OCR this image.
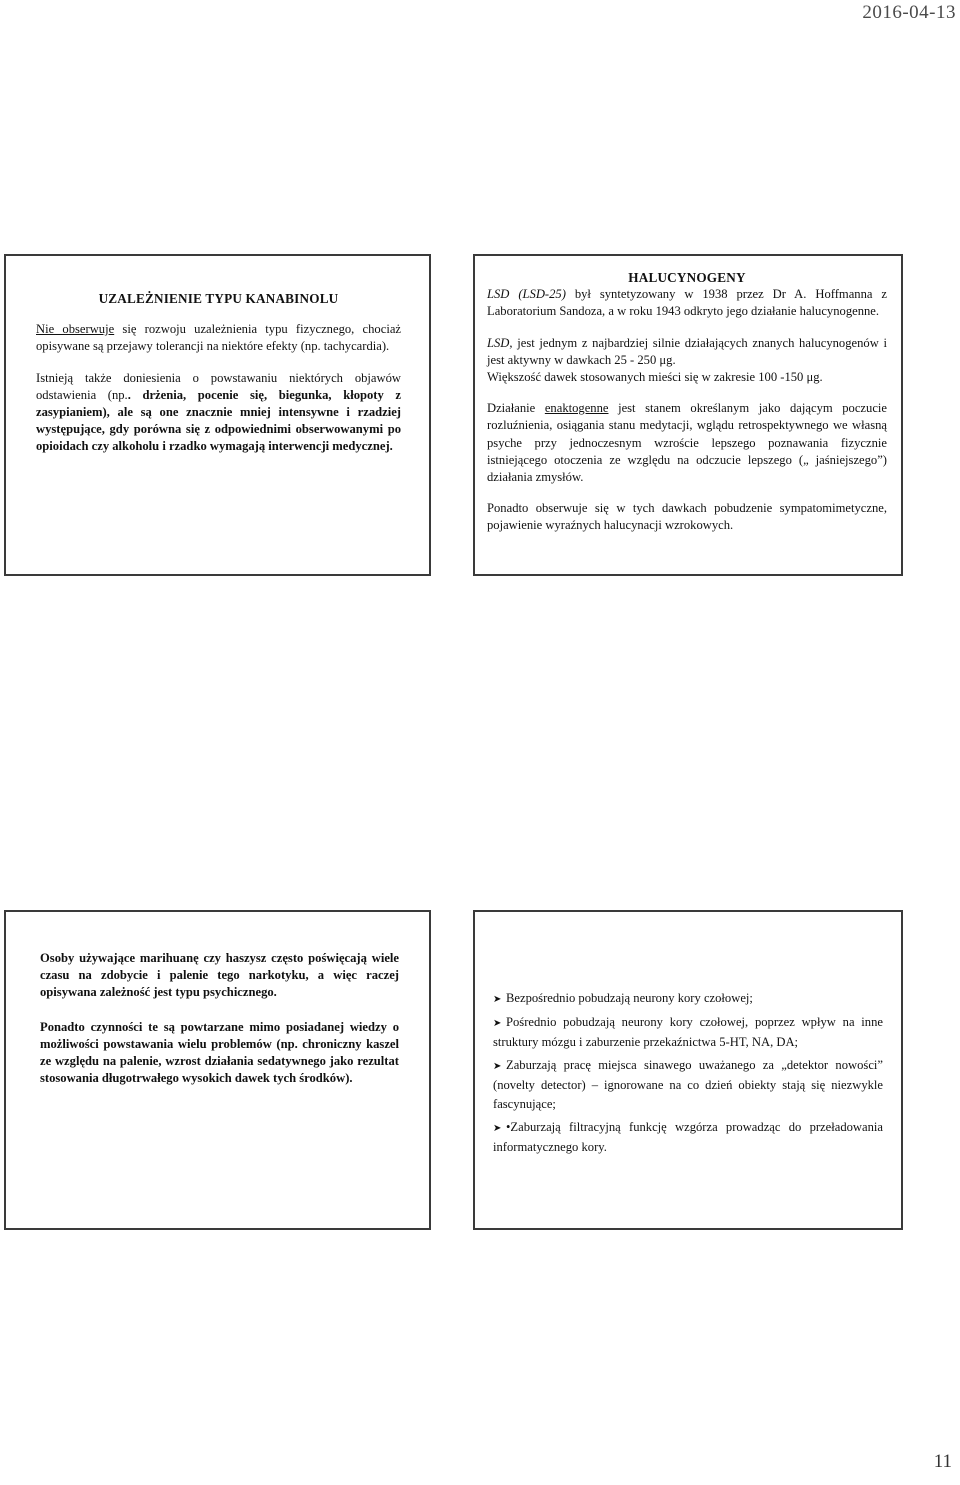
2016-04-13
UZALEŻNIENIE TYPU KANABINOLU

Nie obserwuje się rozwoju uzależnienia typu fizycznego, chociaż opisywane są przejawy tolerancji na niektóre efekty (np. tachycardia).

Istnieją także doniesienia o powstawaniu niektórych objawów odstawienia (np.. drżenia, pocenie się, biegunka, kłopoty z zasypianiem), ale są one znacznie mniej intensywne i rzadziej występujące, gdy porówna się z odpowiednimi obserwowanymi po opioidach czy alkoholu i rzadko wymagają interwencji medycznej.

HALUCYNOGENY

LSD (LSD-25) był syntetyzowany w 1938 przez Dr A. Hoffmanna z Laboratorium Sandoza, a w roku 1943 odkryto jego działanie halucynogenne.

LSD, jest jednym z najbardziej silnie działających znanych halucynogenów i jest aktywny w dawkach 25 - 250 μg.

Większość dawek stosowanych mieści się w zakresie 100 -150 μg.

Działanie enaktogenne jest stanem określanym jako dającym poczucie rozluźnienia, osiągania stanu medytacji, wglądu retrospektywnego we własną psyche przy jednoczesnym wzroście lepszego poznawania fizycznie istniejącego otoczenia ze względu na odczucie lepszego („ jaśniejszego”) działania zmysłów.

Ponadto obserwuje się w tych dawkach pobudzenie sympatomimetyczne, pojawienie wyraźnych halucynacji wzrokowych.

Osoby używające marihuanę czy haszysz często poświęcają wiele czasu na zdobycie i palenie tego narkotyku, a więc raczej opisywana zależność jest typu psychicznego.

Ponadto czynności te są powtarzane mimo posiadanej wiedzy o możliwości powstawania wielu problemów (np. chroniczny kaszel ze względu na palenie, wzrost działania sedatywnego jako rezultat stosowania długotrwałego wysokich dawek tych środków).

➤ Bezpośrednio pobudzają neurony kory czołowej;

➤ Pośrednio pobudzają neurony kory czołowej, poprzez wpływ na inne struktury mózgu i zaburzenie przekaźnictwa 5-HT, NA, DA;

➤ Zaburzają pracę miejsca sinawego uważanego za „detektor nowości” (novelty detector) – ignorowane na co dzień obiekty stają się niezwykle fascynujące;

➤ •Zaburzają filtracyjną funkcję wzgórza prowadząc do przeładowania informatycznego kory.

11
